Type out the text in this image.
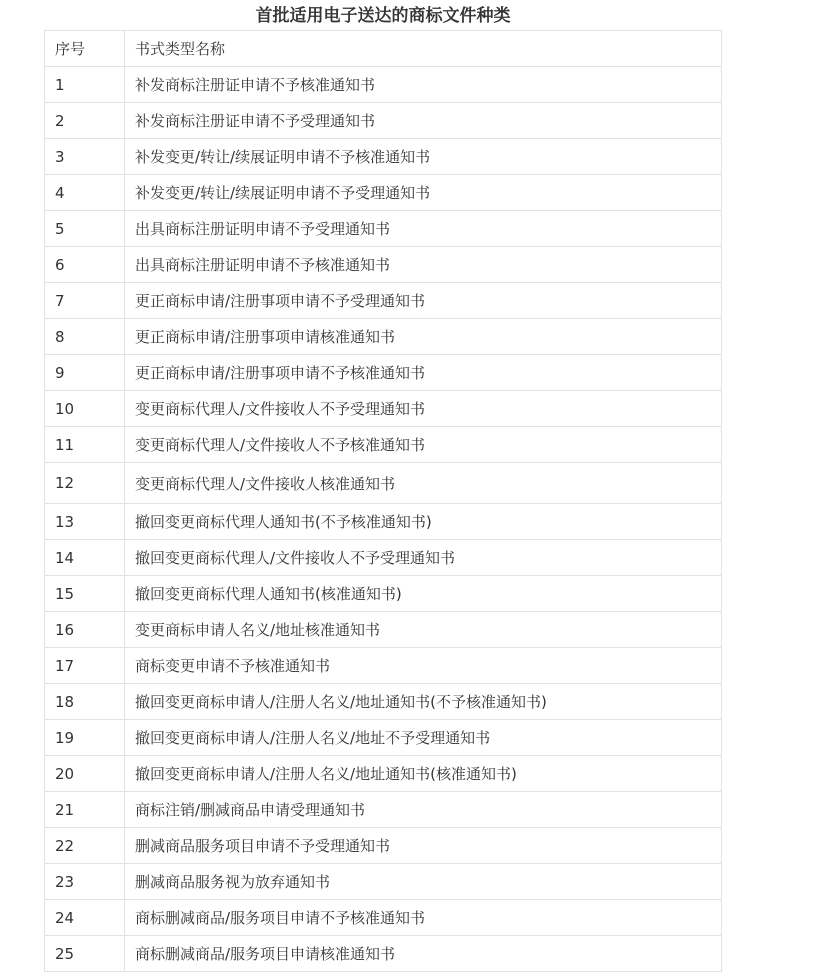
首批适用电子送达的商标文件种类
序号	书式类型名称
1	补发商标注册证申请不予核准通知书
2	补发商标注册证申请不予受理通知书
3	补发变更/转让/续展证明申请不予核准通知书
4	补发变更/转让/续展证明申请不予受理通知书
5	出具商标注册证明申请不予受理通知书
6	出具商标注册证明申请不予核准通知书
7	更正商标申请/注册事项申请不予受理通知书
8	更正商标申请/注册事项申请核准通知书
9	更正商标申请/注册事项申请不予核准通知书
10	变更商标代理人/文件接收人不予受理通知书
11	变更商标代理人/文件接收人不予核准通知书
12	变更商标代理人/文件接收人核准通知书
13	撤回变更商标代理人通知书(不予核准通知书)
14	撤回变更商标代理人/文件接收人不予受理通知书
15	撤回变更商标代理人通知书(核准通知书)
16	变更商标申请人名义/地址核准通知书
17	商标变更申请不予核准通知书
18	撤回变更商标申请人/注册人名义/地址通知书(不予核准通知书)
19	撤回变更商标申请人/注册人名义/地址不予受理通知书
20	撤回变更商标申请人/注册人名义/地址通知书(核准通知书)
21	商标注销/删减商品申请受理通知书
22	删减商品服务项目申请不予受理通知书
23	删减商品服务视为放弃通知书
24	商标删减商品/服务项目申请不予核准通知书
25	商标删减商品/服务项目申请核准通知书
